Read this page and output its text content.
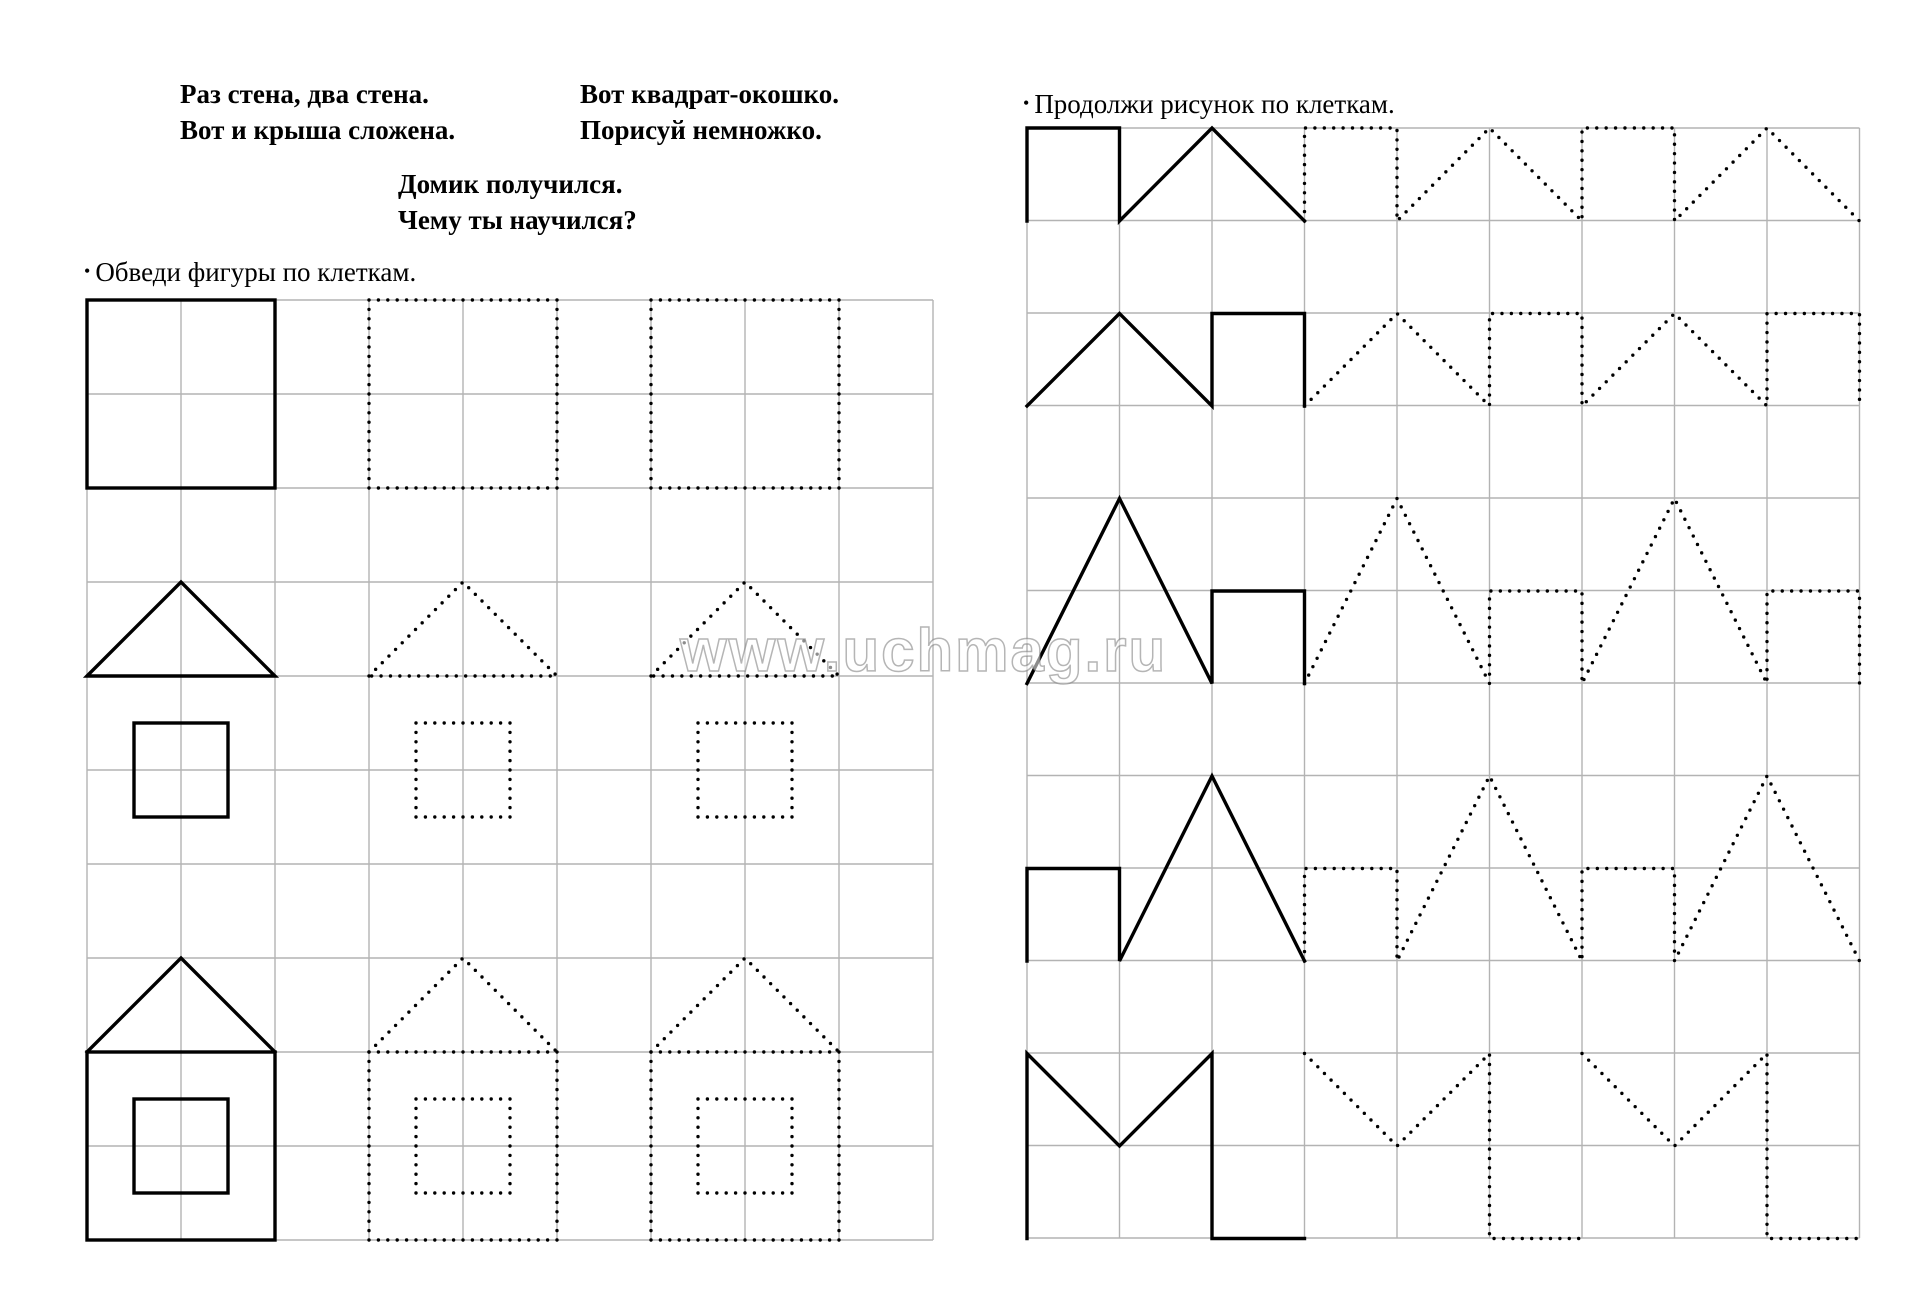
Раз стена, два стена.

Вот и крыша сложена.

Вот квадрат-окошко.

Порисуй немножко.

Домик получился.

Чему ты научился?

• Обведи фигуры по клеткам.
• Продолжи рисунок по клеткам.
www.uchmag.ru
